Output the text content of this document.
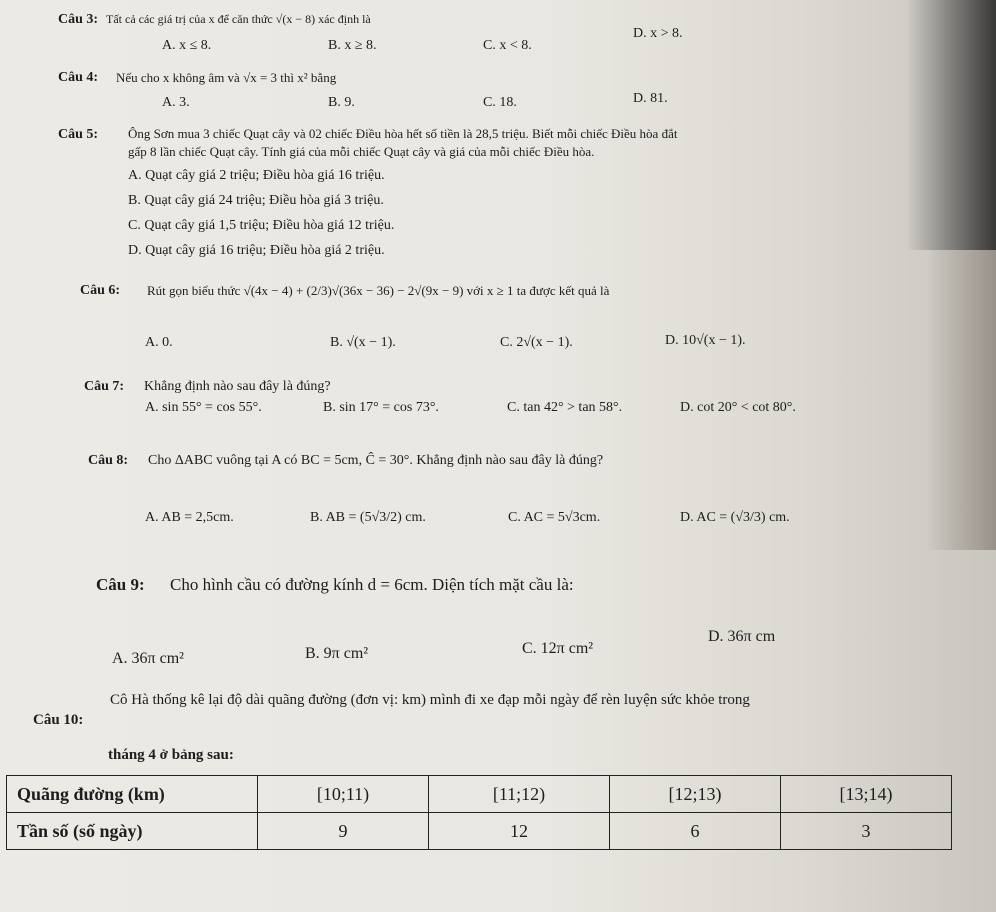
Câu 3: Tất cả các giá trị của x để căn thức √(x − 8) xác định là
A. x ≤ 8.	B. x ≥ 8.	C. x < 8.
D. x > 8.
Câu 4: Nếu cho x không âm và √x = 3 thì x² bằng
A. 3.	B. 9.	C. 18.	D. 81.
Câu 5: Ông Sơn mua 3 chiếc Quạt cây và 02 chiếc Điều hòa hết số tiền là 28,5 triệu. Biết mỗi chiếc Điều hòa đắt
gấp 8 lần chiếc Quạt cây. Tính giá của mỗi chiếc Quạt cây và giá của mỗi chiếc Điều hòa.
A. Quạt cây giá 2 triệu; Điều hòa giá 16 triệu.
B. Quạt cây giá 24 triệu; Điều hòa giá 3 triệu.
C. Quạt cây giá 1,5 triệu; Điều hòa giá 12 triệu.
D. Quạt cây giá 16 triệu; Điều hòa giá 2 triệu.
Câu 6: Rút gọn biểu thức √(4x − 4) + (2/3)√(36x − 36) − 2√(9x − 9) với x ≥ 1 ta được kết quả là
A. 0.	B. √(x − 1).	C. 2√(x − 1).	D. 10√(x − 1).
Câu 7: Khẳng định nào sau đây là đúng?
A. sin 55° = cos 55°.	B. sin 17° = cos 73°.	C. tan 42° > tan 58°.	D. cot 20° < cot 80°.
Câu 8: Cho ΔABC vuông tại A có BC = 5cm, Ĉ = 30°. Khẳng định nào sau đây là đúng?
A. AB = 2,5cm.	B. AB = (5√3/2) cm.	C. AC = 5√3cm.	D. AC = (√3/3) cm.
Câu 9: Cho hình cầu có đường kính d = 6cm. Diện tích mặt cầu là:
A. 36π cm²	B. 9π cm²	C. 12π cm²
D. 36π cm
Câu 10:
Cô Hà thống kê lại độ dài quãng đường (đơn vị: km) mình đi xe đạp mỗi ngày để rèn luyện sức khỏe trong
tháng 4 ở bảng sau:
Quãng đường (km)	[10;11)	[11;12)	[12;13)	[13;14)
Tần số (số ngày)	9	12	6	3
